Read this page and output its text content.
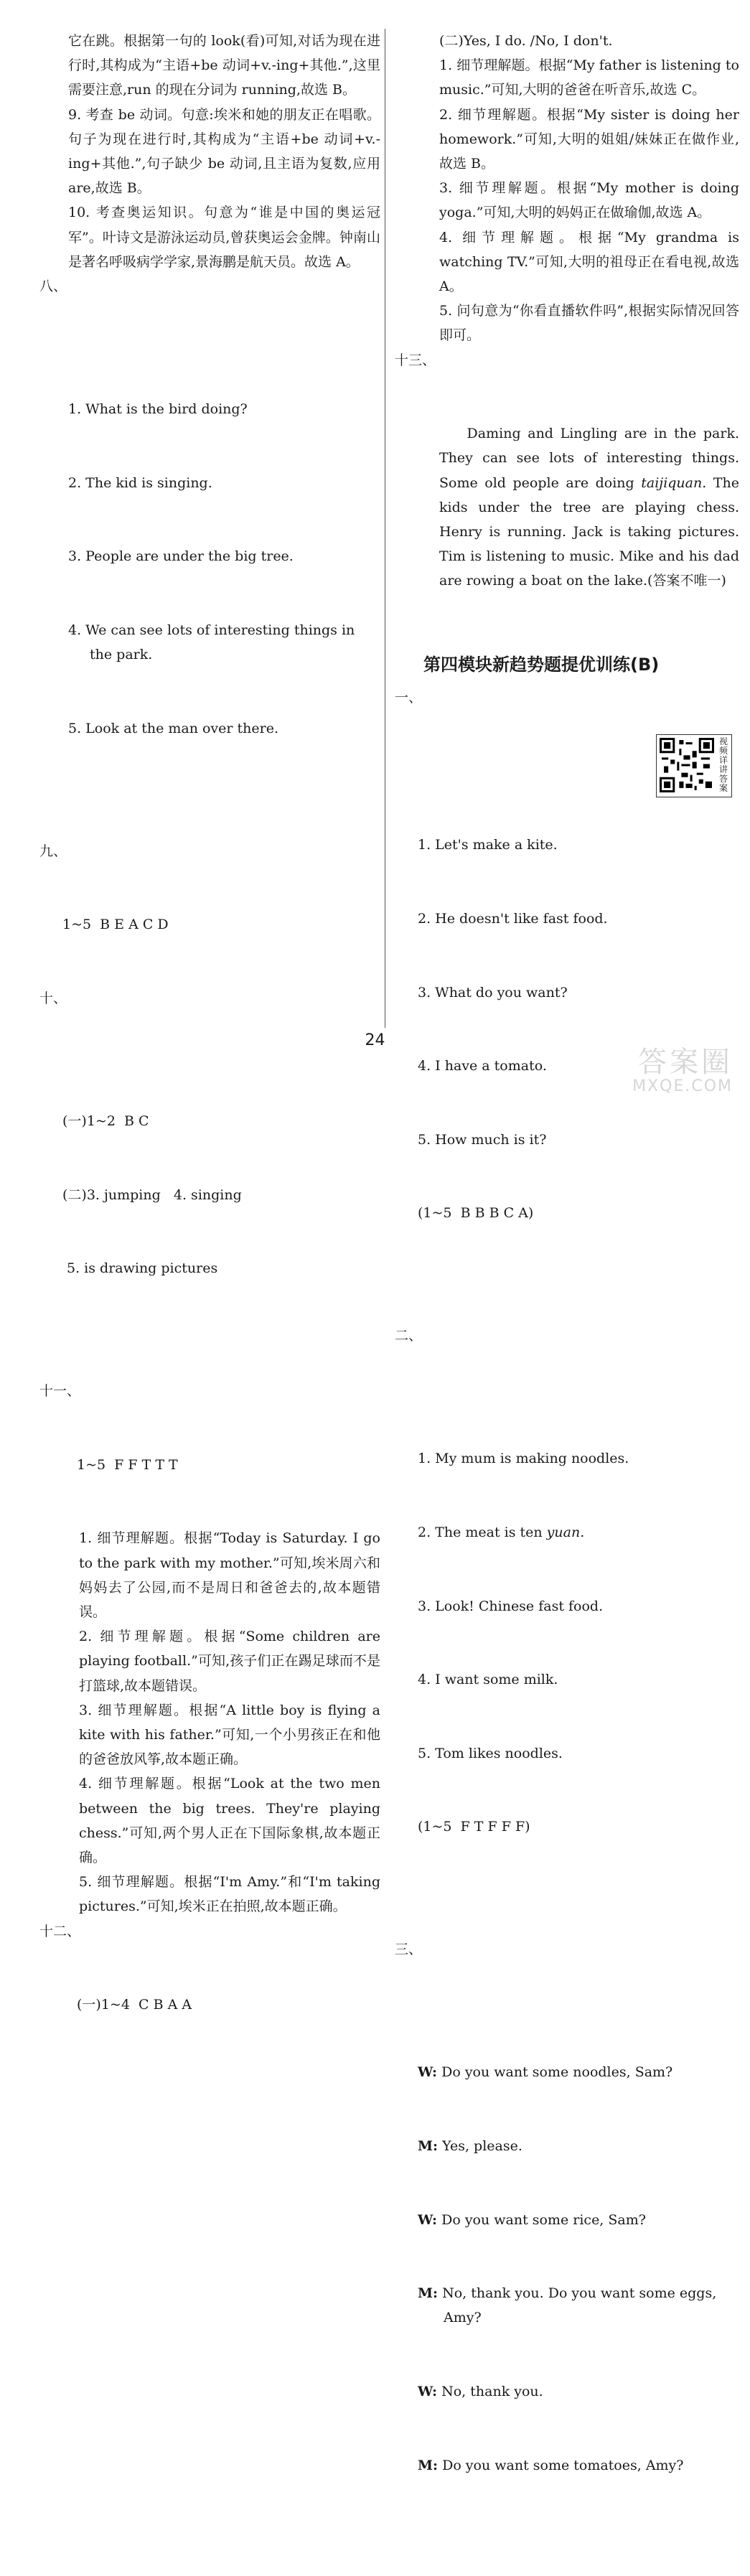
它在跳。根据第一句的 look(看)可知,对话为现在进行时,其构成为“主语+be 动词+v.-ing+其他.”,这里需要注意,run 的现在分词为 running,故选 B。

9. 考查 be 动词。句意:埃米和她的朋友正在唱歌。句子为现在进行时,其构成为“主语+be 动词+v.-ing+其他.”,句子缺少 be 动词,且主语为复数,应用 are,故选 B。

10. 考查奥运知识。句意为“谁是中国的奥运冠军”。叶诗文是游泳运动员,曾获奥运会金牌。钟南山是著名呼吸病学学家,景海鹏是航天员。故选 A。

八、

1. What is the bird doing?

2. The kid is singing.

3. People are under the big tree.

4. We can see lots of interesting things in the park.

5. Look at the man over there.

九、

1~5  B E A C D

十、

(一)1~2  B C

(二)3. jumping   4. singing

5. is drawing pictures

十一、

1~5  F F T T T

1. 细节理解题。根据“Today is Saturday. I go to the park with my mother.”可知,埃米周六和妈妈去了公园,而不是周日和爸爸去的,故本题错误。

2. 细节理解题。根据“Some children are playing football.”可知,孩子们正在踢足球而不是打篮球,故本题错误。

3. 细节理解题。根据“A little boy is flying a kite with his father.”可知,一个小男孩正在和他的爸爸放风筝,故本题正确。

4. 细节理解题。根据“Look at the two men between the big trees. They're playing chess.”可知,两个男人正在下国际象棋,故本题正确。

5. 细节理解题。根据“I'm Amy.”和“I'm taking pictures.”可知,埃米正在拍照,故本题正确。

十二、

(一)1~4  C B A A

(二)Yes, I do. /No, I don't.

1. 细节理解题。根据“My father is listening to music.”可知,大明的爸爸在听音乐,故选 C。

2. 细节理解题。根据“My sister is doing her homework.”可知,大明的姐姐/妹妹正在做作业,故选 B。

3. 细节理解题。根据“My mother is doing yoga.”可知,大明的妈妈正在做瑜伽,故选 A。

4. 细节理解题。根据“My grandma is watching TV.”可知,大明的祖母正在看电视,故选 A。

5. 问句意为“你看直播软件吗”,根据实际情况回答即可。

十三、

Daming and Lingling are in the park. They can see lots of interesting things. Some old people are doing taijiquan. The kids under the tree are playing chess. Henry is running. Jack is taking pictures. Tim is listening to music. Mike and his dad are rowing a boat on the lake.(答案不唯一)

第四模块新趋势题提优训练(B)

视频详讲答案

一、

1. Let's make a kite.

2. He doesn't like fast food.

3. What do you want?

4. I have a tomato.

5. How much is it?

(1~5  B B B C A)

二、

1. My mum is making noodles.

2. The meat is ten yuan.

3. Look! Chinese fast food.

4. I want some milk.

5. Tom likes noodles.

(1~5  F T F F F)

三、

W: Do you want some noodles, Sam?

M: Yes, please.

W: Do you want some rice, Sam?

M: No, thank you. Do you want some eggs, Amy?

W: No, thank you.

M: Do you want some tomatoes, Amy?

24
答案圈
MXQE.COM
